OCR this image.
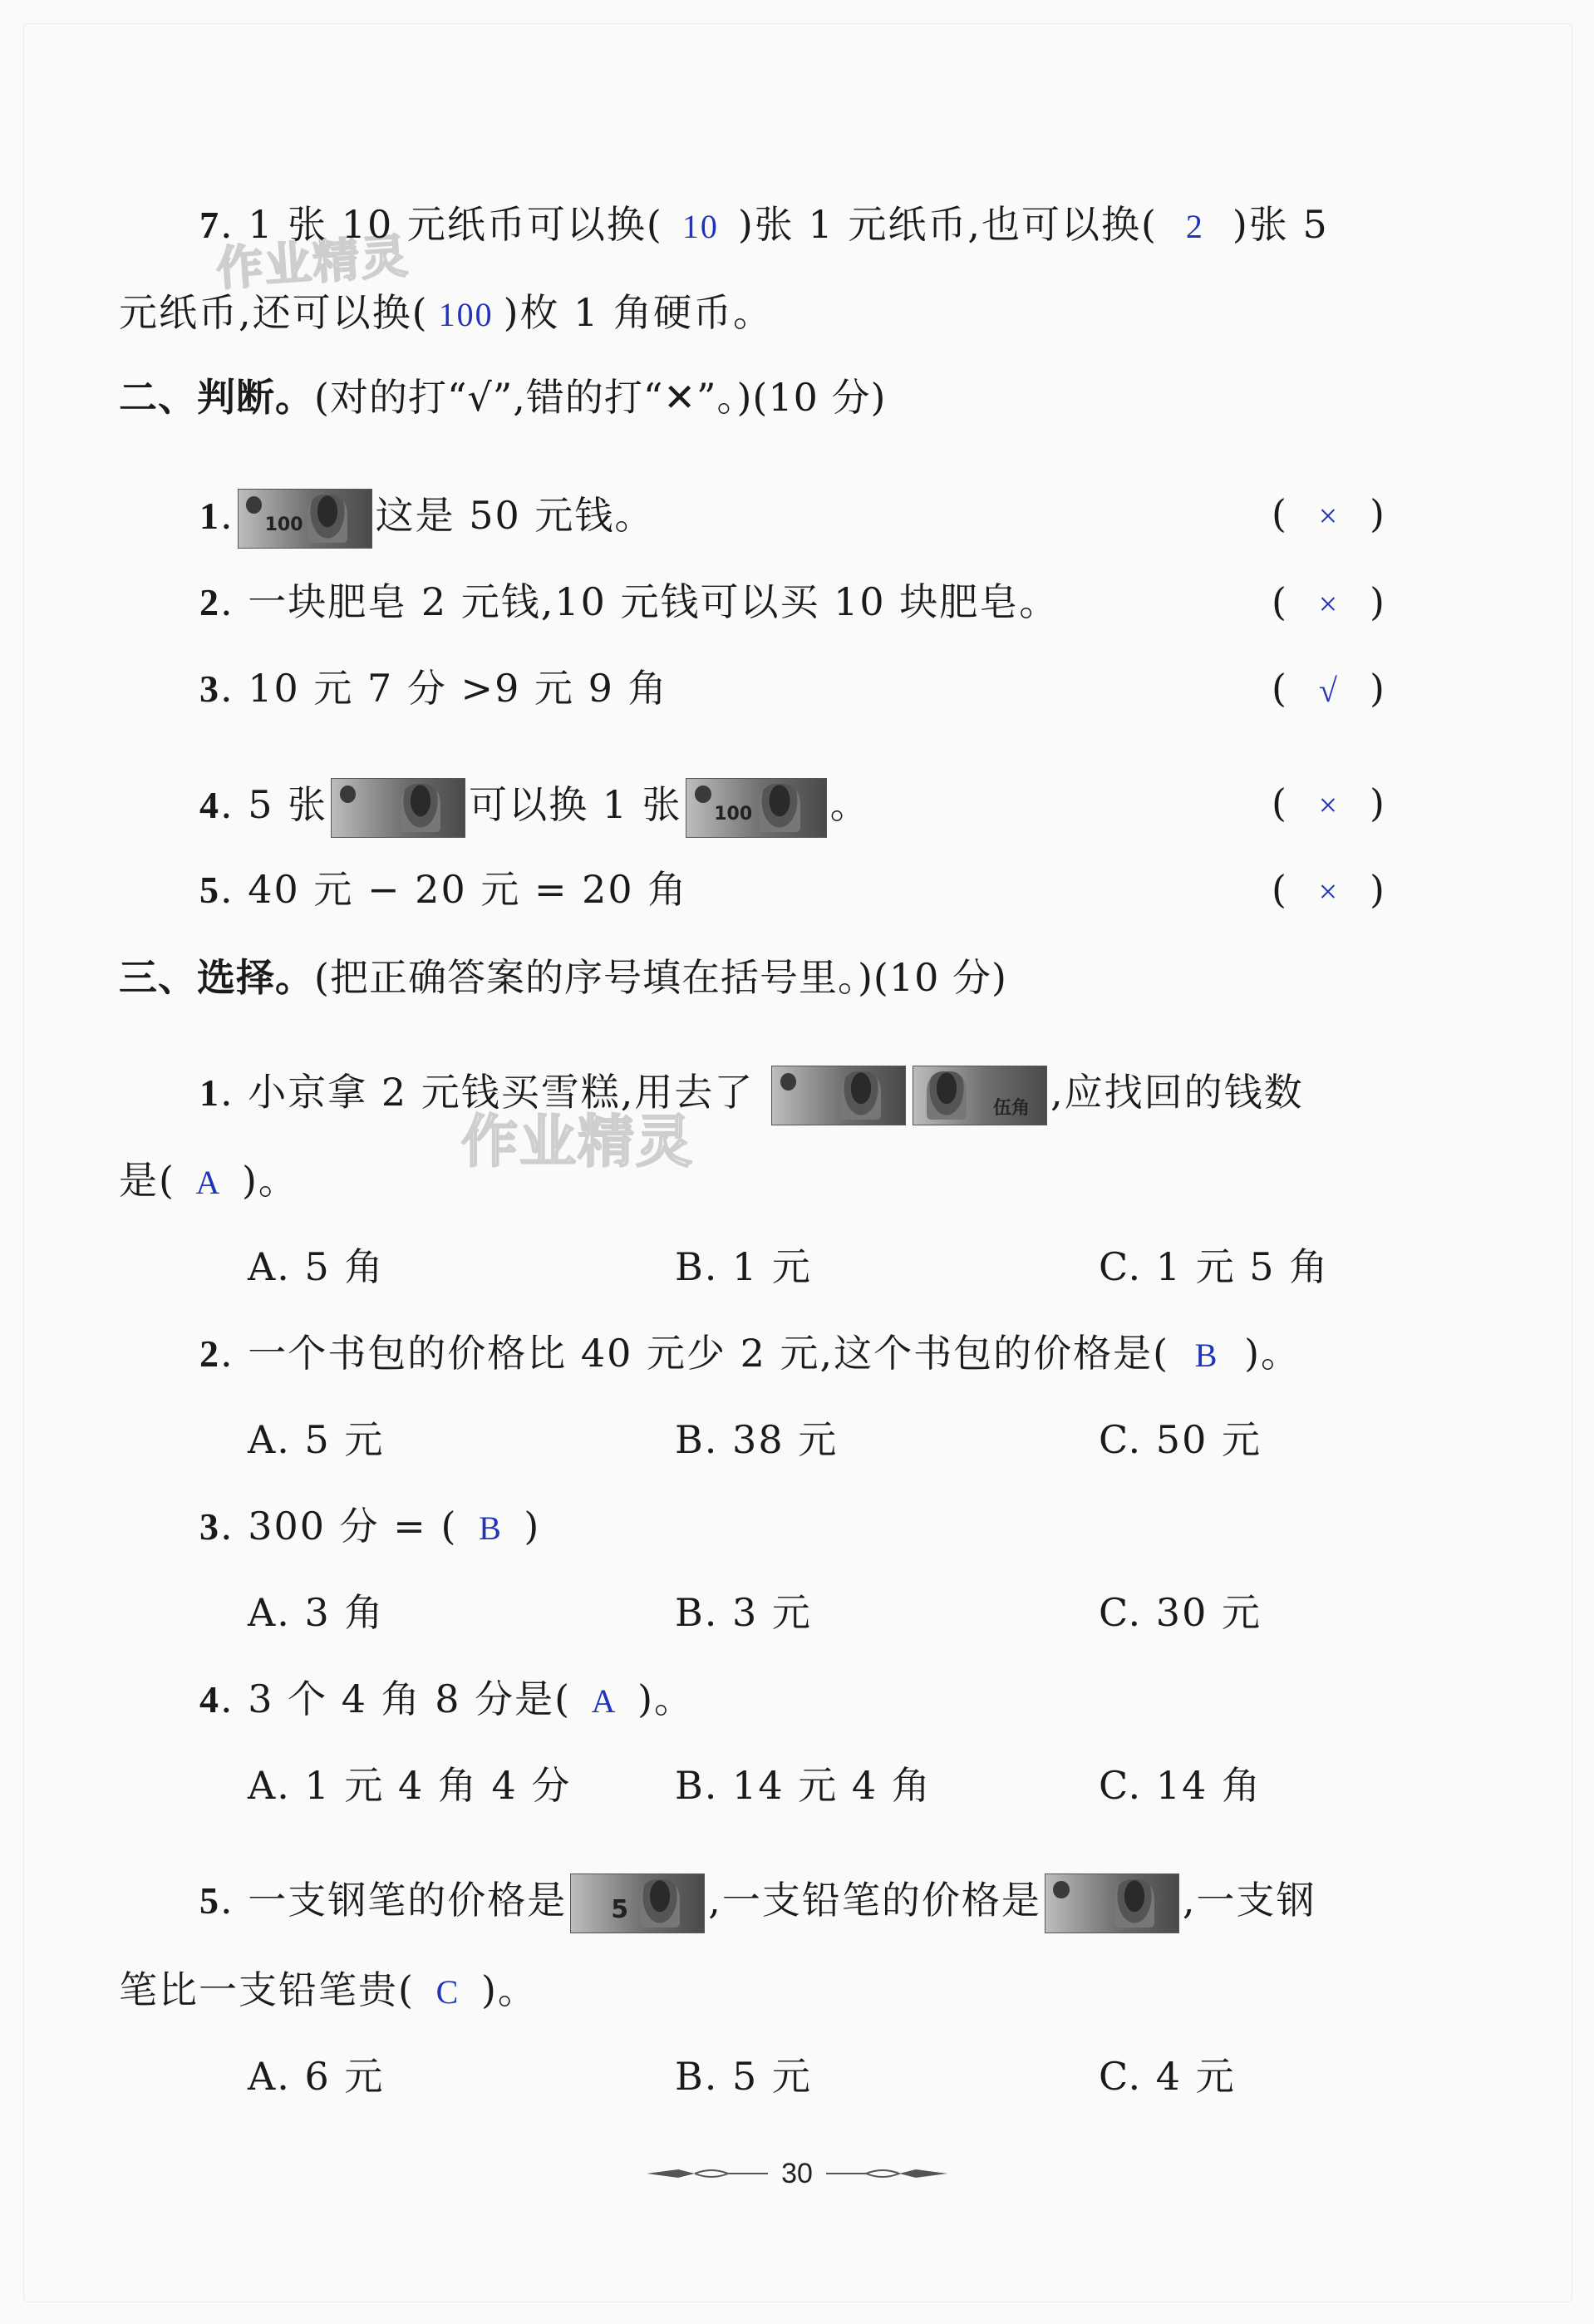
作业精灵
作业精灵
7. 1 张 10 元纸币可以换( 10 )张 1 元纸币,也可以换( 2 )张 5
元纸币,还可以换( 100 )枚 1 角硬币。
二、判断。(对的打“√”,错的打“✕”。)(10 分)
1. 100 这是 50 元钱。	( × )
2. 一块肥皂 2 元钱,10 元钱可以买 10 块肥皂。	( × )
3. 10 元 7 分 >9 元 9 角	( √ )
4. 5 张	可以换 1 张 100 。	( × )
5. 40 元 − 20 元 = 20 角	( × )
三、选择。(把正确答案的序号填在括号里。)(10 分)
1. 小京拿 2 元钱买雪糕,用去了	伍角 ,应找回的钱数
是( A )。
A. 5 角	B. 1 元	C. 1 元 5 角
2. 一个书包的价格比 40 元少 2 元,这个书包的价格是( B )。
A. 5 元	B. 38 元	C. 50 元
3. 300 分 = ( B )
A. 3 角	B. 3 元	C. 30 元
4. 3 个 4 角 8 分是( A )。
A. 1 元 4 角 4 分	B. 14 元 4 角	C. 14 角
5. 一支钢笔的价格是 5 ,一支铅笔的价格是	,一支钢
笔比一支铅笔贵( C )。
A. 6 元	B. 5 元	C. 4 元
30
